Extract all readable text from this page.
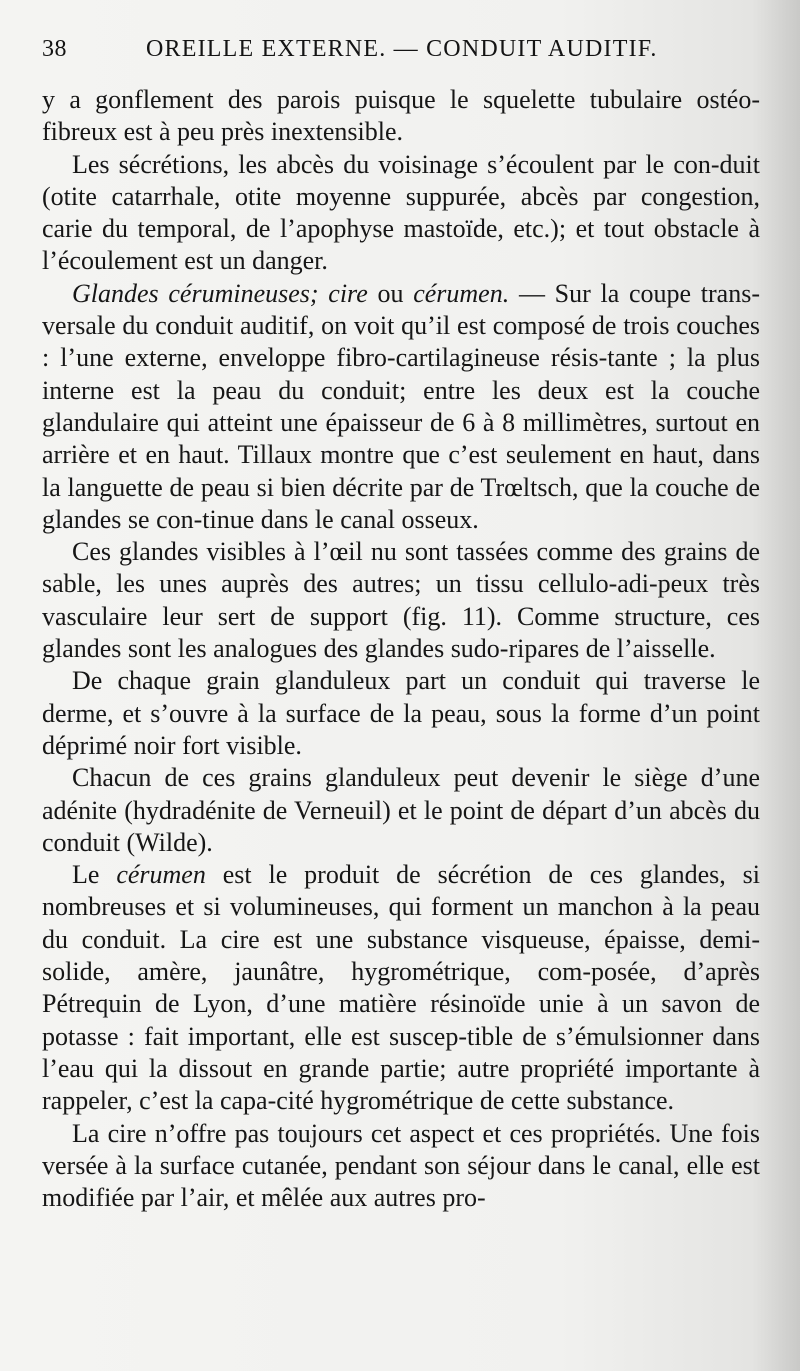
38	OREILLE EXTERNE. — CONDUIT AUDITIF.

y a gonflement des parois puisque le squelette tubulaire ostéo-fibreux est à peu près inextensible.

Les sécrétions, les abcès du voisinage s’écoulent par le con-duit (otite catarrhale, otite moyenne suppurée, abcès par congestion, carie du temporal, de l’apophyse mastoïde, etc.); et tout obstacle à l’écoulement est un danger.

Glandes cérumineuses; cire ou cérumen. — Sur la coupe trans-versale du conduit auditif, on voit qu’il est composé de trois couches : l’une externe, enveloppe fibro-cartilagineuse résis-tante ; la plus interne est la peau du conduit; entre les deux est la couche glandulaire qui atteint une épaisseur de 6 à 8 millimètres, surtout en arrière et en haut. Tillaux montre que c’est seulement en haut, dans la languette de peau si bien décrite par de Trœltsch, que la couche de glandes se con-tinue dans le canal osseux.

Ces glandes visibles à l’œil nu sont tassées comme des grains de sable, les unes auprès des autres; un tissu cellulo-adi-peux très vasculaire leur sert de support (fig. 11). Comme structure, ces glandes sont les analogues des glandes sudo-ripares de l’aisselle.

De chaque grain glanduleux part un conduit qui traverse le derme, et s’ouvre à la surface de la peau, sous la forme d’un point déprimé noir fort visible.

Chacun de ces grains glanduleux peut devenir le siège d’une adénite (hydradénite de Verneuil) et le point de départ d’un abcès du conduit (Wilde).

Le cérumen est le produit de sécrétion de ces glandes, si nombreuses et si volumineuses, qui forment un manchon à la peau du conduit. La cire est une substance visqueuse, épaisse, demi-solide, amère, jaunâtre, hygrométrique, com-posée, d’après Pétrequin de Lyon, d’une matière résinoïde unie à un savon de potasse : fait important, elle est suscep-tible de s’émulsionner dans l’eau qui la dissout en grande partie; autre propriété importante à rappeler, c’est la capa-cité hygrométrique de cette substance.

La cire n’offre pas toujours cet aspect et ces propriétés. Une fois versée à la surface cutanée, pendant son séjour dans le canal, elle est modifiée par l’air, et mêlée aux autres pro-
